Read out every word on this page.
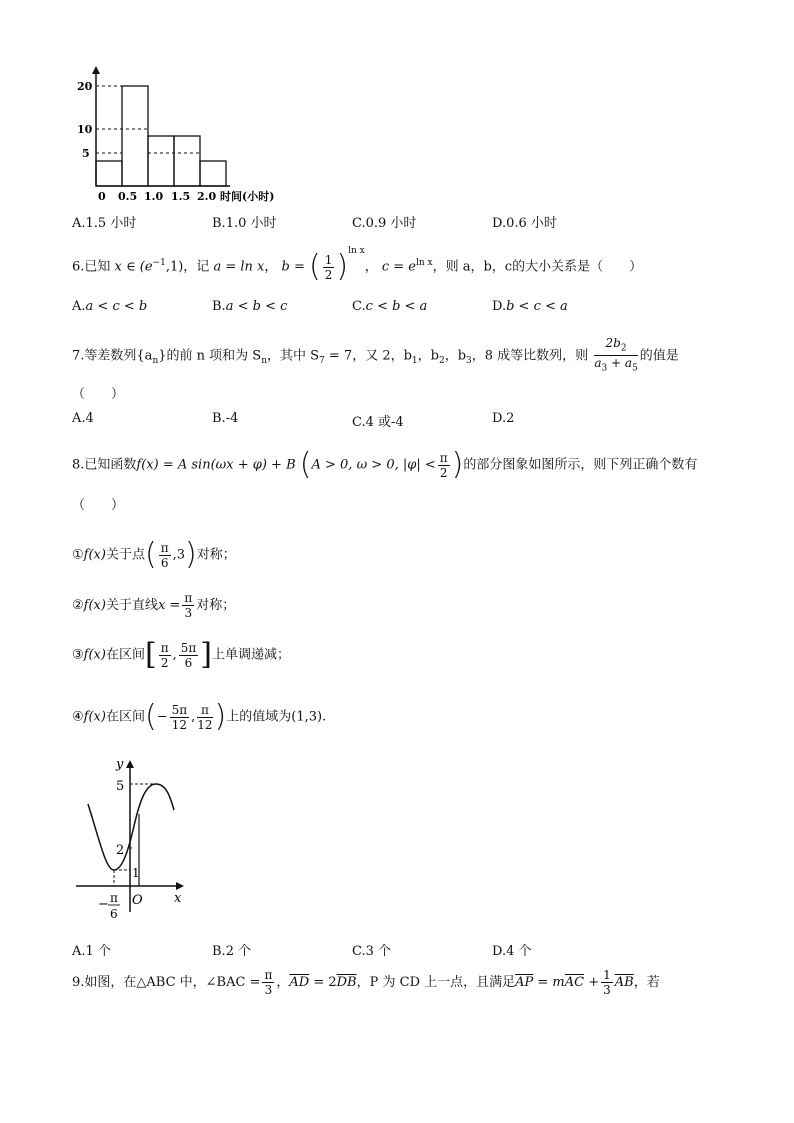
20
10
5
0 0.5 1.0 1.5 2.0 时间(小时)
A.1.5 小时	B.1.0 小时	C.0.9 小时	D.0.6 小时
6.已知 x ∈ $(e^{-1},1)$，记 a = ln x， b = ( $\frac{1}{2} )^{ln x}$， $c = e^{ln x}$，则 a，b，c的大小关系是（　　）
A.a < c < b	B.a < b < c	C.c < b < a	D.b < c < a
7.等差数列$\{a_n\}$的前 n 项和为 $S_n$，其中 $S_7 = 7$，又 2，$b_1$，$b_2$，$b_3$，8 成等比数列，则 $\frac{2b_2}{a_3 + a_5}$ 的值是
（　　）
A.4	B.-4	C.4 或-4	D.2
8.已知函数f(x) = A sin(ωx + φ) + B (A > 0, ω > 0, $|\varphi| < \frac{\pi}{2}$ )的部分图象如图所示，则下列正确个数有
（　　）
①f(x)关于点( $\frac{\pi}{6} ,3$)对称；
②f(x)关于直线$x = \frac{\pi}{3}$ 对称；
③f(x)在区间[ $\frac{\pi}{2}$ , $\frac{5\pi}{6}$ ]上单调递减；
④f(x)在区间(− $\frac{5\pi}{12}$ , $\frac{\pi}{12}$ )上的值域为(1,3).
y
x
O
5
2
1
− π
6
A.1 个	B.2 个	C.3 个	D.4 个
9.如图，在△ABC 中，∠BAC = $\frac{\pi}{3}$ ，$\overline{AD} = 2\overline{DB}$，P 为 CD 上一点，且满足$\overline{AP} = m\overline{AC} + \frac{1}{3} \overline{AB}$，若
